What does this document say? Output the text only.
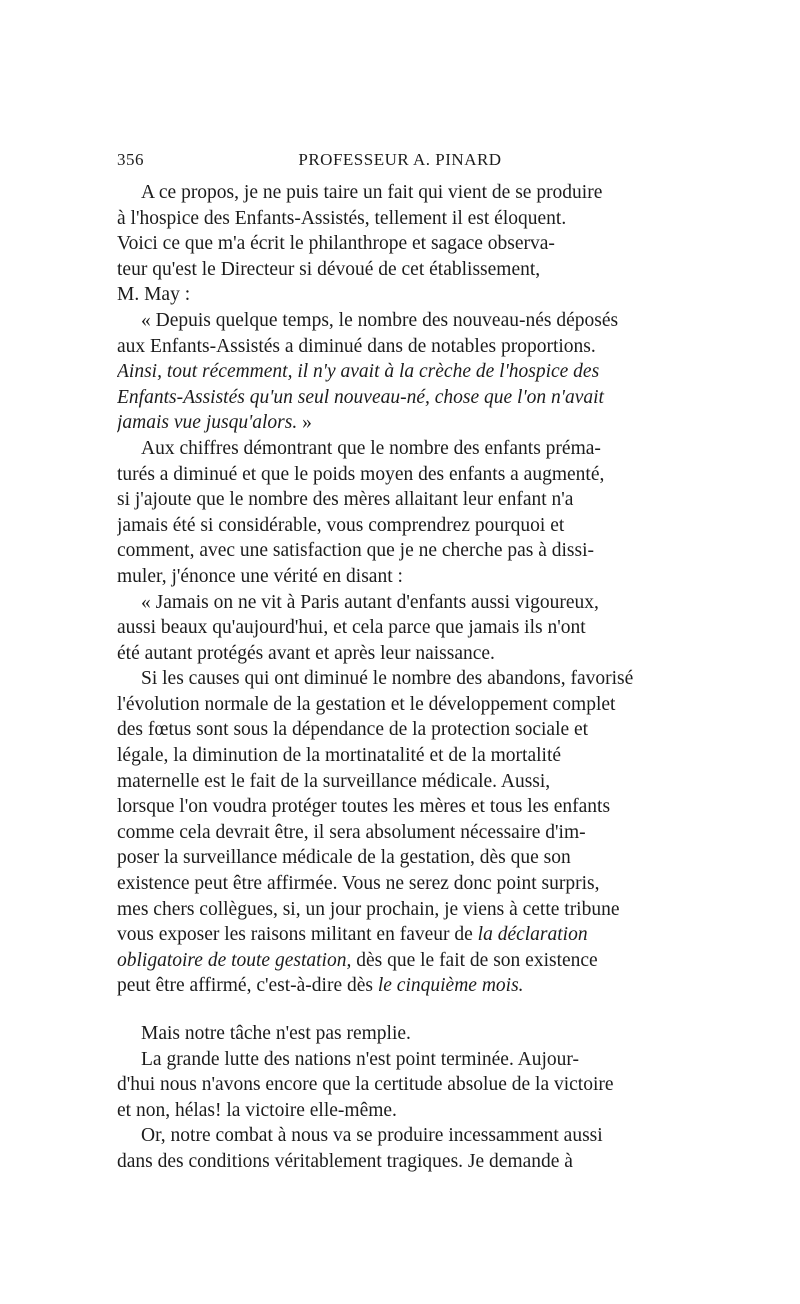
356	PROFESSEUR A. PINARD
A ce propos, je ne puis taire un fait qui vient de se produire
à l'hospice des Enfants-Assistés, tellement il est éloquent.
Voici ce que m'a écrit le philanthrope et sagace observa-
teur qu'est le Directeur si dévoué de cet établissement,
M. May :
« Depuis quelque temps, le nombre des nouveau-nés déposés
aux Enfants-Assistés a diminué dans de notables proportions.
Ainsi, tout récemment, il n'y avait à la crèche de l'hospice des
Enfants-Assistés qu'un seul nouveau-né, chose que l'on n'avait
jamais vue jusqu'alors. »
Aux chiffres démontrant que le nombre des enfants préma-
turés a diminué et que le poids moyen des enfants a augmenté,
si j'ajoute que le nombre des mères allaitant leur enfant n'a
jamais été si considérable, vous comprendrez pourquoi et
comment, avec une satisfaction que je ne cherche pas à dissi-
muler, j'énonce une vérité en disant :
« Jamais on ne vit à Paris autant d'enfants aussi vigoureux,
aussi beaux qu'aujourd'hui, et cela parce que jamais ils n'ont
été autant protégés avant et après leur naissance.
Si les causes qui ont diminué le nombre des abandons, favorisé
l'évolution normale de la gestation et le développement complet
des fœtus sont sous la dépendance de la protection sociale et
légale, la diminution de la mortinatalité et de la mortalité
maternelle est le fait de la surveillance médicale. Aussi,
lorsque l'on voudra protéger toutes les mères et tous les enfants
comme cela devrait être, il sera absolument nécessaire d'im-
poser la surveillance médicale de la gestation, dès que son
existence peut être affirmée. Vous ne serez donc point surpris,
mes chers collègues, si, un jour prochain, je viens à cette tribune
vous exposer les raisons militant en faveur de la déclaration
obligatoire de toute gestation, dès que le fait de son existence
peut être affirmé, c'est-à-dire dès le cinquième mois.
Mais notre tâche n'est pas remplie.
La grande lutte des nations n'est point terminée. Aujour-
d'hui nous n'avons encore que la certitude absolue de la victoire
et non, hélas! la victoire elle-même.
Or, notre combat à nous va se produire incessamment aussi
dans des conditions véritablement tragiques. Je demande à
